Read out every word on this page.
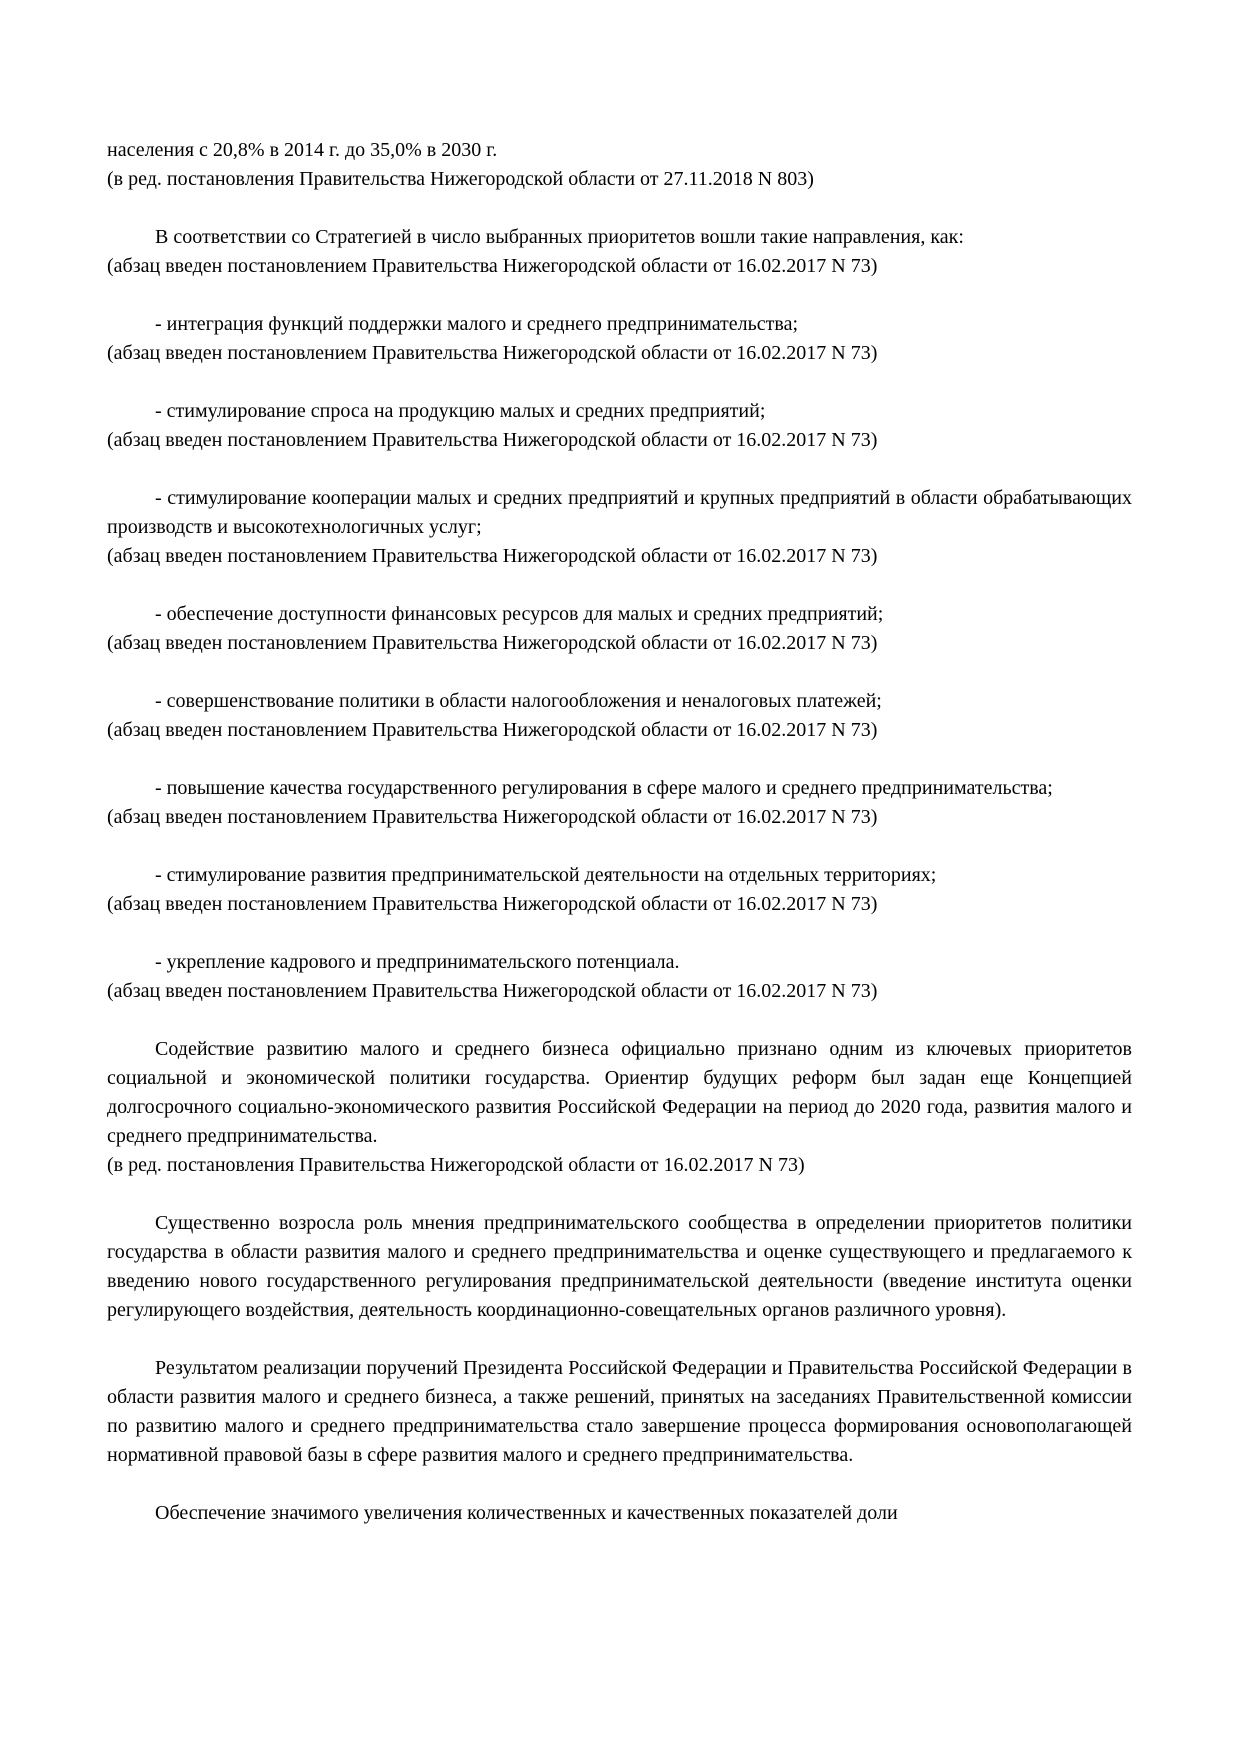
населения с 20,8% в 2014 г. до 35,0% в 2030 г.

(в ред. постановления Правительства Нижегородской области от 27.11.2018 N 803)

В соответствии со Стратегией в число выбранных приоритетов вошли такие направления, как:

(абзац введен постановлением Правительства Нижегородской области от 16.02.2017 N 73)

- интеграция функций поддержки малого и среднего предпринимательства;

(абзац введен постановлением Правительства Нижегородской области от 16.02.2017 N 73)

- стимулирование спроса на продукцию малых и средних предприятий;

(абзац введен постановлением Правительства Нижегородской области от 16.02.2017 N 73)

- стимулирование кооперации малых и средних предприятий и крупных предприятий в области обрабатывающих производств и высокотехнологичных услуг;

(абзац введен постановлением Правительства Нижегородской области от 16.02.2017 N 73)

- обеспечение доступности финансовых ресурсов для малых и средних предприятий;

(абзац введен постановлением Правительства Нижегородской области от 16.02.2017 N 73)

- совершенствование политики в области налогообложения и неналоговых платежей;

(абзац введен постановлением Правительства Нижегородской области от 16.02.2017 N 73)

- повышение качества государственного регулирования в сфере малого и среднего предпринимательства;

(абзац введен постановлением Правительства Нижегородской области от 16.02.2017 N 73)

- стимулирование развития предпринимательской деятельности на отдельных территориях;

(абзац введен постановлением Правительства Нижегородской области от 16.02.2017 N 73)

- укрепление кадрового и предпринимательского потенциала.

(абзац введен постановлением Правительства Нижегородской области от 16.02.2017 N 73)

Содействие развитию малого и среднего бизнеса официально признано одним из ключевых приоритетов социальной и экономической политики государства. Ориентир будущих реформ был задан еще Концепцией долгосрочного социально-экономического развития Российской Федерации на период до 2020 года, развития малого и среднего предпринимательства.

(в ред. постановления Правительства Нижегородской области от 16.02.2017 N 73)

Существенно возросла роль мнения предпринимательского сообщества в определении приоритетов политики государства в области развития малого и среднего предпринимательства и оценке существующего и предлагаемого к введению нового государственного регулирования предпринимательской деятельности (введение института оценки регулирующего воздействия, деятельность координационно-совещательных органов различного уровня).

Результатом реализации поручений Президента Российской Федерации и Правительства Российской Федерации в области развития малого и среднего бизнеса, а также решений, принятых на заседаниях Правительственной комиссии по развитию малого и среднего предпринимательства стало завершение процесса формирования основополагающей нормативной правовой базы в сфере развития малого и среднего предпринимательства.

Обеспечение значимого увеличения количественных и качественных показателей доли
